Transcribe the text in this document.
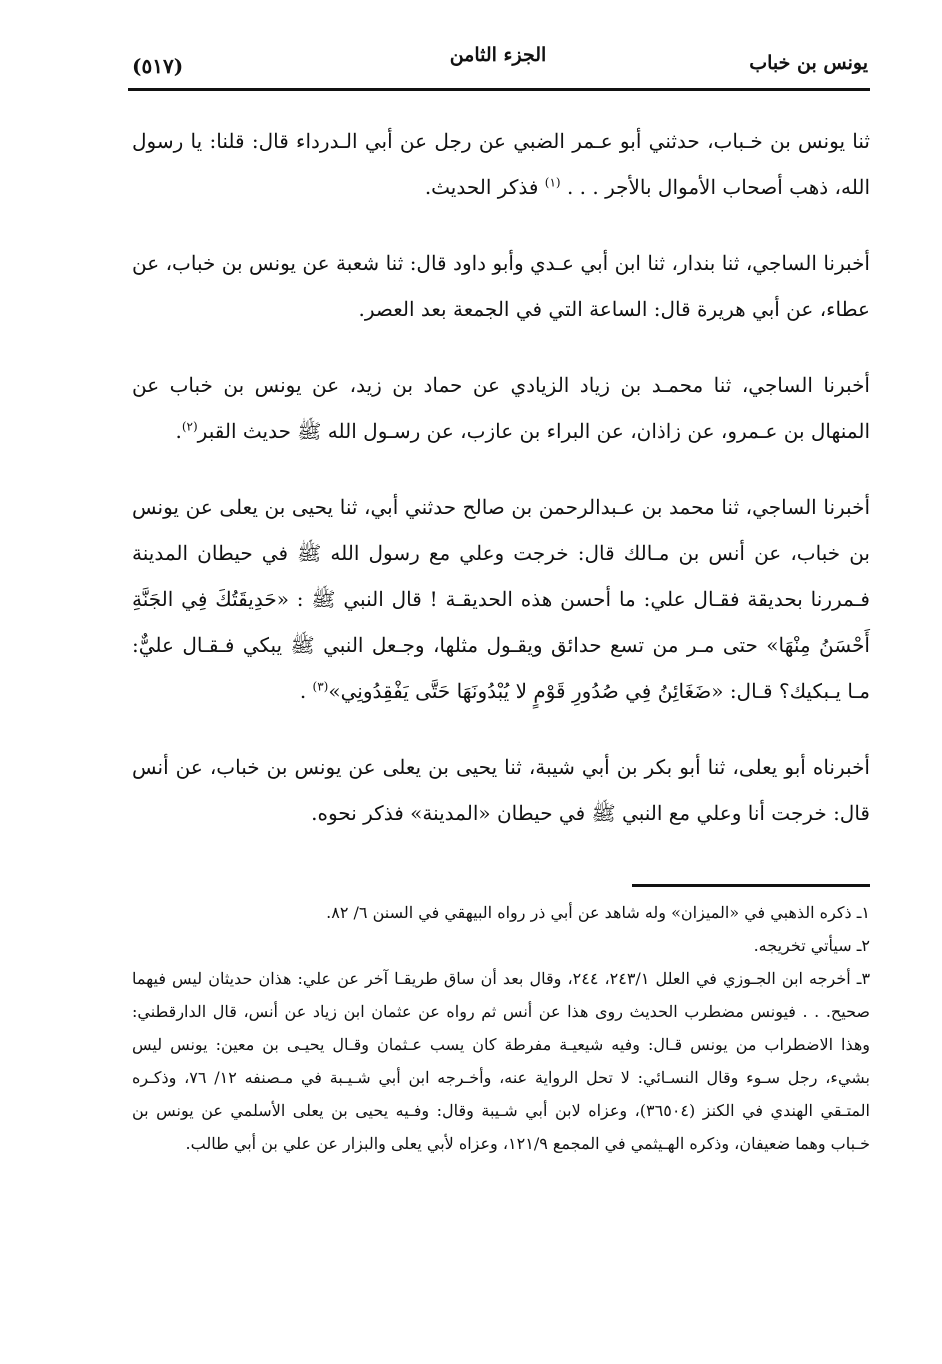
يونس بن خباب
الجزء الثامن
(٥١٧)

ثنا يونس بن خـباب، حدثني أبو عـمر الضبي عن رجل عن أبي الـدرداء قال: قلنا: يا رسول الله، ذهب أصحاب الأموال بالأجر . . . $^{(١)}$ فذكر الحديث.

أخبرنا الساجي، ثنا بندار، ثنا ابن أبي عـدي وأبو داود قال: ثنا شعبة عن يونس بن خباب، عن عطاء، عن أبي هريرة قال: الساعة التي في الجمعة بعد العصر.

أخبرنا الساجي، ثنا محمـد بن زياد الزيادي عن حماد بن زيد، عن يونس بن خباب عن المنهال بن عـمرو، عن زاذان، عن البراء بن عازب، عن رسـول الله ﷺ حديث القبر$^{(٢)}$.

أخبرنا الساجي، ثنا محمد بن عـبدالرحمن بن صالح حدثني أبي، ثنا يحيى بن يعلى عن يونس بن خباب، عن أنس بن مـالك قال: خرجت وعلي مع رسول الله ﷺ في حيطان المدينة فـمررنا بحديقة فقـال علي: ما أحسن هذه الحديقـة ! قال النبي ﷺ : «حَدِيقَتُكَ فِي الجَنَّةِ أَحْسَنُ مِنْهَا» حتى مـر من تسع حدائق ويقـول مثلها، وجـعل النبي ﷺ يبكي فـقـال عليٌّ: مـا يـبكيك؟ قـال: «ضَغَائِنُ فِي صُدُورِ قَوْمٍ لا يُبْدُونَهَا حَتَّى يَفْقِدُونِي»$^{(٣)}$ .

أخبرناه أبو يعلى، ثنا أبو بكر بن أبي شيبة، ثنا يحيى بن يعلى عن يونس بن خباب، عن أنس قال: خرجت أنا وعلي مع النبي ﷺ في حيطان «المدينة» فذكر نحوه.

١ـ ذكره الذهبي في «الميزان» وله شاهد عن أبي ذر رواه البيهقي في السنن ٦/ ٨٢.

٢ـ سيأتي تخريجه.

٣ـ أخرجه ابن الجـوزي في العلل ٢٤٣/١، ٢٤٤، وقال بعد أن ساق طريقـا آخر عن علي: هذان حديثان ليس فيهما صحيح. . . فيونس مضطرب الحديث روى هذا عن أنس ثم رواه عن عثمان ابن زياد عن أنس، قال الدارقطني: وهذا الاضطراب من يونس قـال: وفيه شيعيـة مفرطة كان يسب عـثمان وقـال يحيـى بن معين: يونس ليس بشيء، رجل سـوء وقال النسـائي: لا تحل الرواية عنه، وأخـرجه ابن أبي شـيـبة في مـصنفه ١٢/ ٧٦، وذكـره المتـقي الهندي في الكنز (٣٦٥٠٤)، وعزاه لابن أبي شـيبة وقال: وفـيه يحيى بن يعلى الأسلمي عن يونس بن خـباب وهما ضعيفان، وذكره الهـيثمي في المجمع ١٢١/٩، وعزاه لأبي يعلى والبزار عن علي بن أبي طالب.
